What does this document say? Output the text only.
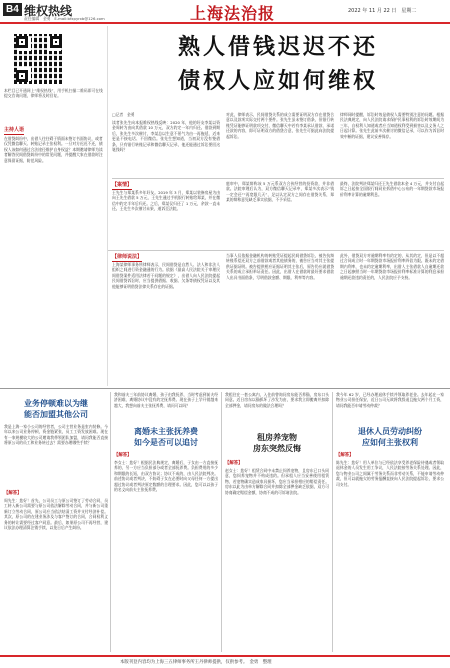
B4 维权热线
责任编辑　金勇　E-mail:bfxpyrxb@126.com	上海法治报	2022 年 11 月 22 日　星期二

本栏目已开通网上“维权热线”，用手机扫描二维码即可在线提交咨询问题，律师将及时回复。

主持人语

在借贷纠纷中，出借人往往碍于情面未签订书面协议，或者仅凭微信聊天、转账记录主张权利。一旦对方迟迟不还，债权人该如何通过合法途径维护自身权益？本期邀请律师为读者解答民间借贷纠纷中的常见问题，并提醒大家在借款时注意保留证据，防范风险。

熟人借钱迟迟不还
债权人应如何维权
□记者　金勇

读者张先生向本报维权热线反映：2020 年，他的好友李某以资金周转为由向其借款 10 万元，双方约定一年内归还。借款到期后，张先生多次催讨，李某总以生意不景气为由一再拖延，近来更是不接电话、不回微信。张先生想知道，当初双方没有签借条，只有银行转账记录和微信聊天记录，他还能通过诉讼要回这笔钱吗？

对此，律师表示，民间借贷关系的成立需要证明双方存在借贷合意以及款项实际交付两个要件。张先生虽未签订借条，但银行转账凭证能够证明款项交付，微信聊天中若有李某承认借款、承诺还款的内容，即可证明双方的借贷合意，张先生可据此向法院提起诉讼。

律师同时提醒，诉讼时效是债权人需要特别注意的问题。根据民法典规定，向人民法院请求保护民事权利的诉讼时效期间为三年，自权利人知道或者应当知道权利受到损害以及义务人之日起计算。张先生此前多次催讨的微信记录，可以作为诉讼时效中断的证据，建议妥善保存。

【案情】

王先生与郑某系多年好友。2019 年 3 月，郑某以装修房屋为由向王先生借款 5 万元，王先生通过手机银行转账给郑某，并在微信中约定半年后归还。之后，郑某仅归还了 1 万元，余款一直未还。王先生多次催讨未果，遂诉至法院。

庭审中，郑某辩称该 5 万元系双方合伙经营的投资款，并非借款。法院审理后认为，双方微信聊天记录中，郑某多次表示“钱一定会还”“再宽限几天”，足以认定双方之间存在借贷关系，郑某的辩称意见缺乏事实依据，不予采信。

最终，法院判决郑某归还王先生借款本金 4 万元，并支付自起诉之日起按全国银行间同业拆借中心公布的一年期贷款市场报价利率计算的逾期利息。

【律师说法】

上海某律师事务所律师表示，民间借贷是自然人、法人和非法人组织之间进行资金融通的行为。依据《最高人民法院关于审理民间借贷案件适用法律若干问题的规定》，出借人向人民法院提起民间借贷诉讼时，应当提供借据、收据、欠条等债权凭证以及其他能够证明借贷法律关系存在的证据。

当事人仅依据金融机构的转账凭证提起民间借贷诉讼，被告抗辩转账系偿还双方之前借款或者其他债务的，被告应当对其主张提供证据证明。被告提供相应证据证明其主张后，原告仍应就借贷关系的成立承担举证责任。因此，出借人在借款时最好要求借款人出具书面借条，写明借款金额、期限、利率等内容。

此外，借贷双方对逾期利率有约定的，从其约定，但是以不超过合同成立时一年期贷款市场报价利率四倍为限。既未约定借期内利率，也未约定逾期利率，出借人主张借款人自逾期还款之日起参照当时一年期贷款市场报价利率标准计算的利息承担逾期还款违约责任的，人民法院应予支持。

业务停顿难以为继
能否加盟其他公司

我是上海一家小公司的经营者，公司主营业务是室内装修。今年以来公司业务停顿，资金链紧张，员工工资发放困难。现在有一家规模较大的公司邀请我带领团队加盟，请问我能否直接将原公司的员工和业务转过去？需要办理哪些手续？

【解答】

周先生：您好！首先，公司员工与原公司签订了劳动合同，员工转入新公司需要与原公司依法解除劳动合同，并与新公司重新订立劳动合同，原公司应当依法结清工资并支付经济补偿。其次，原公司的在建业务涉及与客户签订的合同，合同权利义务的转让需要经过客户同意。最后，如果原公司不再经营，建议依法办理清算注销手续，以免日后产生纠纷。

离婚未主张抚养费
如今是否可以追讨

我和前夫三年前协议离婚，孩子由我抚养，当时考虑到前夫经济困难，离婚协议中没有约定抚养费。现在孩子上学开销越来越大，我想向前夫主张抚养费，请问可以吗？

【解答】

李女士：您好！根据民法典规定，离婚后，子女由一方直接抚养的，另一方应当负担部分或者全部抚养费。负担费用的多少和期限的长短，由双方协议；协议不成的，由人民法院判决。前述协议或者判决，不妨碍子女在必要时向父母任何一方提出超过协议或者判决原定数额的合理要求。因此，您可以以孩子的名义向前夫主张抚养费。

我租住在一套公寓内，入住前曾询问房东能否养猫，房东口头同意。近日房东以猫抓坏了沙发为由，要求我立即搬离并扣除全部押金，请问房东的做法合理吗？

租房养宠物
房东突然反悔
【解答】

赵女士：您好！租赁合同中未禁止饲养宠物，且房东已口头同意，您饲养宠物并不构成违约。但承租人应当妥善使用租赁物，若宠物确实造成家具损坏，您应当承担相应的赔偿责任。房东以此为由单方解除合同并扣除全部押金缺乏依据，双方可协商确定赔偿金额，协商不成的可诉诸法院。

我今年 62 岁，已经办理退休手续并领取养老金。去年起在一家物业公司担任保安，近日公司无故将我辞退且拖欠两个月工资，请问我能否申请劳动仲裁？

退休人员劳动纠纷
应如何主张权利
【解答】

陈先生：您好！用人单位与已经依法享受养老保险待遇或者领取退休金的人员发生用工争议，人民法院按劳务关系处理。因此，您与物业公司之间属于劳务关系而非劳动关系，不能申请劳动仲裁，但可以就拖欠的劳务报酬直接向人民法院提起诉讼，要求公司支付。

本版刊登内容均为上海三五律师事务所王丹律师提供，仅供参考。　金勇　整理
